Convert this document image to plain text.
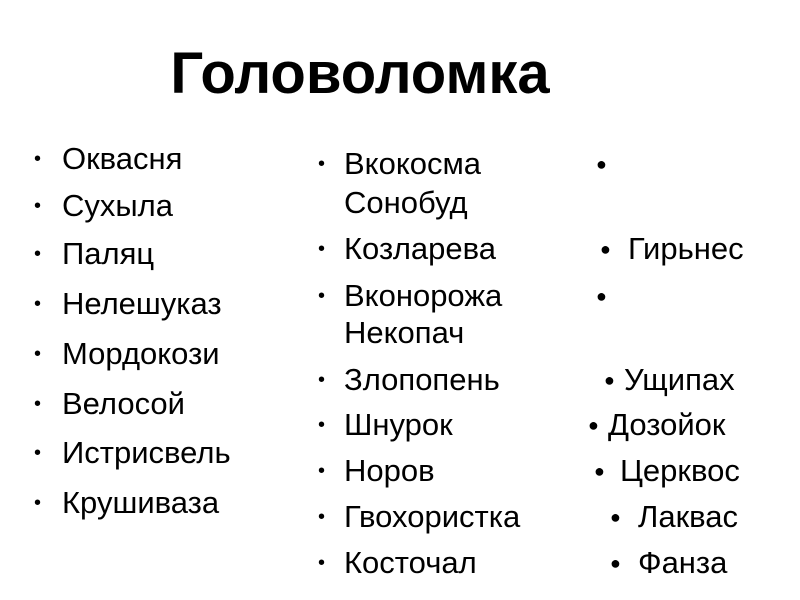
Головоломка
• Оквасня
• Сухыла
• Паляц
• Нелешуказ
• Мордокози
• Велосой
• Истрисвель
• Крушиваза
• Вкокосма
Сонобуд
• Козларева
• Вконорожа
Некопач
• Злопопень
• Шнурок
• Норов
• Гвохористка
• Косточал
●
● Гирьнес
●
● Ущипах
● Дозойок
● Церквос
● Лаквас
● Фанза
